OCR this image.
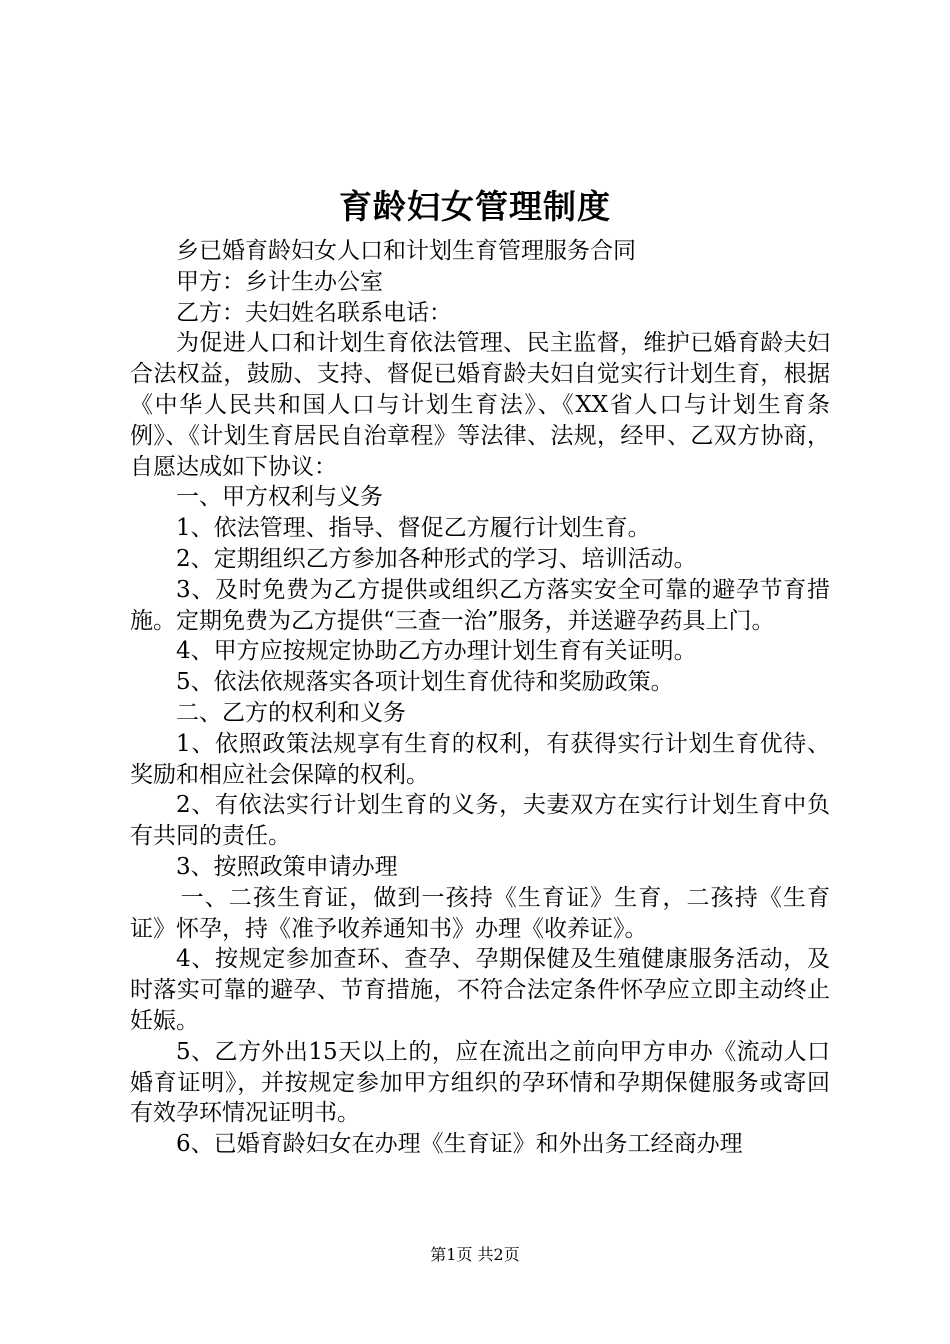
育龄妇女管理制度

乡已婚育龄妇女人口和计划生育管理服务合同

甲方：乡计生办公室

乙方：夫妇姓名联系电话：

为促进人口和计划生育依法管理、民主监督，维护已婚育龄夫妇合法权益，鼓励、支持、督促已婚育龄夫妇自觉实行计划生育，根据《中华人民共和国人口与计划生育法》、《XX省人口与计划生育条例》、《计划生育居民自治章程》等法律、法规，经甲、乙双方协商，自愿达成如下协议：

一、甲方权利与义务

1、依法管理、指导、督促乙方履行计划生育。

2、定期组织乙方参加各种形式的学习、培训活动。

3、及时免费为乙方提供或组织乙方落实安全可靠的避孕节育措施。定期免费为乙方提供“三查一治”服务，并送避孕药具上门。

4、甲方应按规定协助乙方办理计划生育有关证明。

5、依法依规落实各项计划生育优待和奖励政策。

二、乙方的权利和义务

1、依照政策法规享有生育的权利，有获得实行计划生育优待、奖励和相应社会保障的权利。

2、有依法实行计划生育的义务，夫妻双方在实行计划生育中负有共同的责任。

3、按照政策申请办理

一、二孩生育证，做到一孩持《生育证》生育，二孩持《生育证》怀孕，持《准予收养通知书》办理《收养证》。

4、按规定参加查环、查孕、孕期保健及生殖健康服务活动，及时落实可靠的避孕、节育措施，不符合法定条件怀孕应立即主动终止妊娠。

5、乙方外出15天以上的，应在流出之前向甲方申办《流动人口婚育证明》，并按规定参加甲方组织的孕环情和孕期保健服务或寄回有效孕环情况证明书。

6、已婚育龄妇女在办理《生育证》和外出务工经商办理

第1页 共2页
